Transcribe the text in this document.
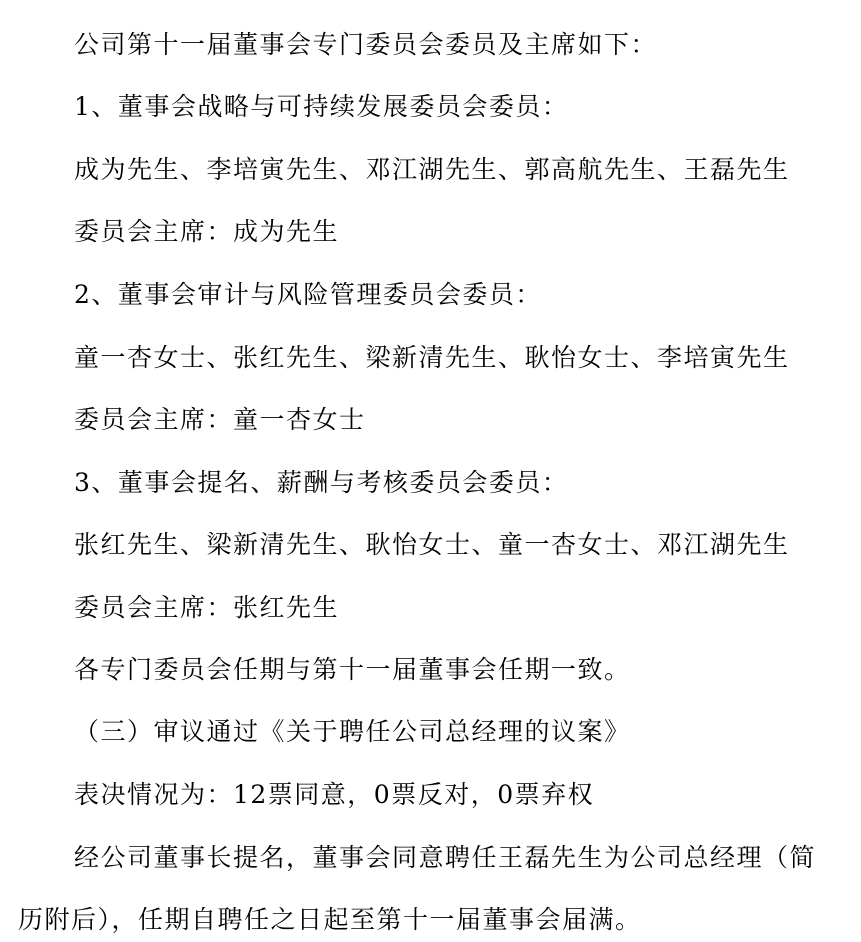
公司第十一届董事会专门委员会委员及主席如下：
1、董事会战略与可持续发展委员会委员：
成为先生、李培寅先生、邓江湖先生、郭高航先生、王磊先生
委员会主席：成为先生
2、董事会审计与风险管理委员会委员：
童一杏女士、张红先生、梁新清先生、耿怡女士、李培寅先生
委员会主席：童一杏女士
3、董事会提名、薪酬与考核委员会委员：
张红先生、梁新清先生、耿怡女士、童一杏女士、邓江湖先生
委员会主席：张红先生
各专门委员会任期与第十一届董事会任期一致。
（三）审议通过《关于聘任公司总经理的议案》
表决情况为：12票同意，0票反对，0票弃权
经公司董事长提名，董事会同意聘任王磊先生为公司总经理（简
历附后），任期自聘任之日起至第十一届董事会届满。
